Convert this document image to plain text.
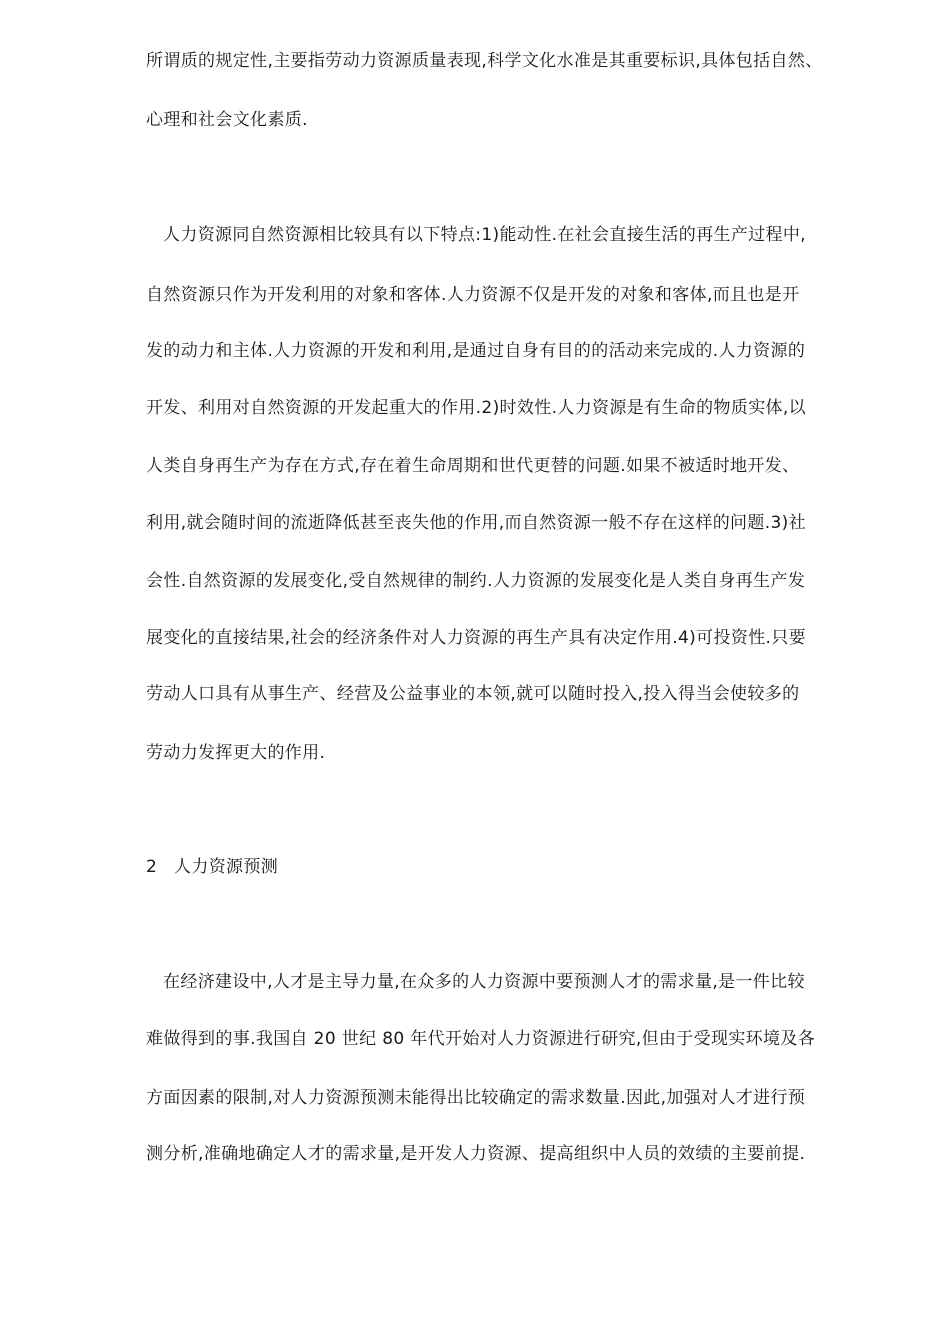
所谓质的规定性,主要指劳动力资源质量表现,科学文化水准是其重要标识,具体包括自然、
心理和社会文化素质.
人力资源同自然资源相比较具有以下特点:1)能动性.在社会直接生活的再生产过程中,
自然资源只作为开发利用的对象和客体.人力资源不仅是开发的对象和客体,而且也是开
发的动力和主体.人力资源的开发和利用,是通过自身有目的的活动来完成的.人力资源的
开发、利用对自然资源的开发起重大的作用.2)时效性.人力资源是有生命的物质实体,以
人类自身再生产为存在方式,存在着生命周期和世代更替的问题.如果不被适时地开发、
利用,就会随时间的流逝降低甚至丧失他的作用,而自然资源一般不存在这样的问题.3)社
会性.自然资源的发展变化,受自然规律的制约.人力资源的发展变化是人类自身再生产发
展变化的直接结果,社会的经济条件对人力资源的再生产具有决定作用.4)可投资性.只要
劳动人口具有从事生产、经营及公益事业的本领,就可以随时投入,投入得当会使较多的
劳动力发挥更大的作用.
2 人力资源预测
在经济建设中,人才是主导力量,在众多的人力资源中要预测人才的需求量,是一件比较
难做得到的事.我国自 20 世纪 80 年代开始对人力资源进行研究,但由于受现实环境及各
方面因素的限制,对人力资源预测未能得出比较确定的需求数量.因此,加强对人才进行预
测分析,准确地确定人才的需求量,是开发人力资源、提高组织中人员的效绩的主要前提.
